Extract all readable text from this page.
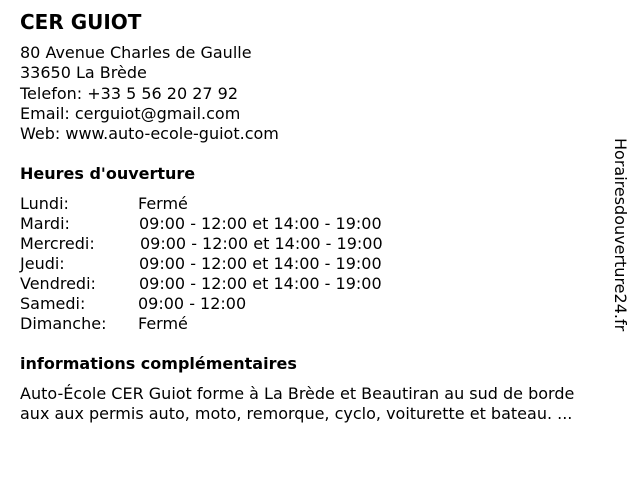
CER GUIOT
80 Avenue Charles de Gaulle
33650 La Brède
Telefon: +33 5 56 20 27 92
Email: cerguiot@gmail.com
Web: www.auto-ecole-guiot.com
Heures d'ouverture
Lundi:	Fermé
Mardi:	09:00 - 12:00 et 14:00 - 19:00
Mercredi:	09:00 - 12:00 et 14:00 - 19:00
Jeudi:	09:00 - 12:00 et 14:00 - 19:00
Vendredi:	09:00 - 12:00 et 14:00 - 19:00
Samedi:	09:00 - 12:00
Dimanche: Fermé
informations complémentaires
Auto-École CER Guiot forme à La Brède et Beautiran au sud de borde
aux aux permis auto, moto, remorque, cyclo, voiturette et bateau. ...
Horairesdouverture24.fr
